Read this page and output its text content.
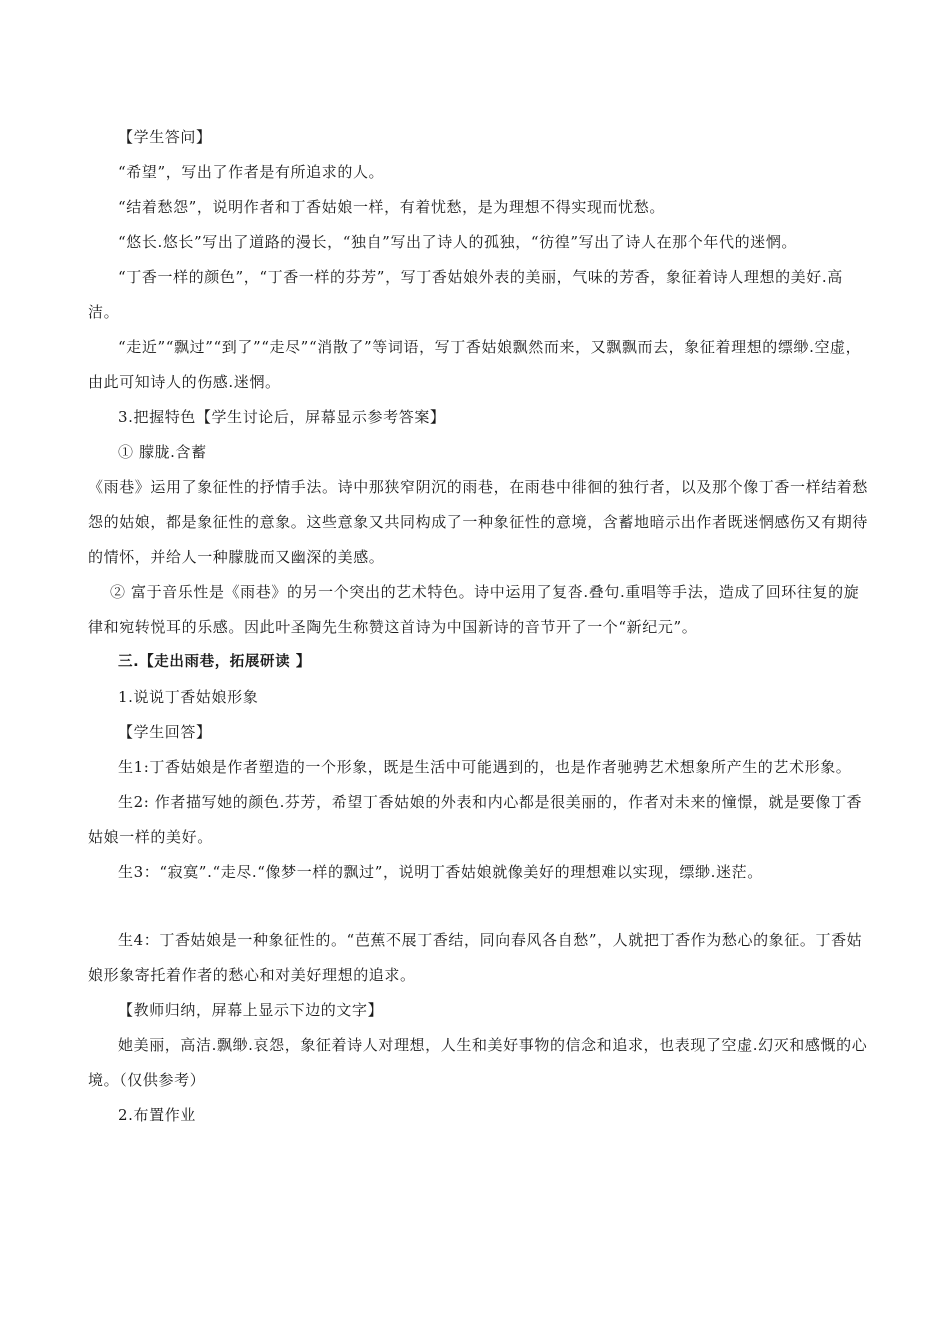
【学生答问】

“希望”，写出了作者是有所追求的人。

“结着愁怨”，说明作者和丁香姑娘一样，有着忧愁，是为理想不得实现而忧愁。

“悠长.悠长”写出了道路的漫长，“独自”写出了诗人的孤独，“彷徨”写出了诗人在那个年代的迷惘。

“丁香一样的颜色”，“丁香一样的芬芳”，写丁香姑娘外表的美丽，气味的芳香，象征着诗人理想的美好.高洁。

“走近”“飘过”“到了”“走尽”“消散了”等词语，写丁香姑娘飘然而来，又飘飘而去，象征着理想的缥缈.空虚，由此可知诗人的伤感.迷惘。

3.把握特色【学生讨论后，屏幕显示参考答案】

① 朦胧.含蓄

《雨巷》运用了象征性的抒情手法。诗中那狭窄阴沉的雨巷，在雨巷中徘徊的独行者，以及那个像丁香一样结着愁怨的姑娘，都是象征性的意象。这些意象又共同构成了一种象征性的意境，含蓄地暗示出作者既迷惘感伤又有期待的情怀，并给人一种朦胧而又幽深的美感。

② 富于音乐性是《雨巷》的另一个突出的艺术特色。诗中运用了复沓.叠句.重唱等手法，造成了回环往复的旋律和宛转悦耳的乐感。因此叶圣陶先生称赞这首诗为中国新诗的音节开了一个“新纪元”。

三.【走出雨巷，拓展研读 】

1.说说丁香姑娘形象

【学生回答】

生1:丁香姑娘是作者塑造的一个形象，既是生活中可能遇到的，也是作者驰骋艺术想象所产生的艺术形象。

生2: 作者描写她的颜色.芬芳，希望丁香姑娘的外表和内心都是很美丽的，作者对未来的憧憬，就是要像丁香姑娘一样的美好。

生3：“寂寞”.“走尽.“像梦一样的飘过”，说明丁香姑娘就像美好的理想难以实现，缥缈.迷茫。

生4：丁香姑娘是一种象征性的。“芭蕉不展丁香结，同向春风各自愁”，人就把丁香作为愁心的象征。丁香姑娘形象寄托着作者的愁心和对美好理想的追求。

【教师归纳，屏幕上显示下边的文字】

她美丽，高洁.飘缈.哀怨，象征着诗人对理想，人生和美好事物的信念和追求，也表现了空虚.幻灭和感慨的心境。（仅供参考）

2.布置作业
